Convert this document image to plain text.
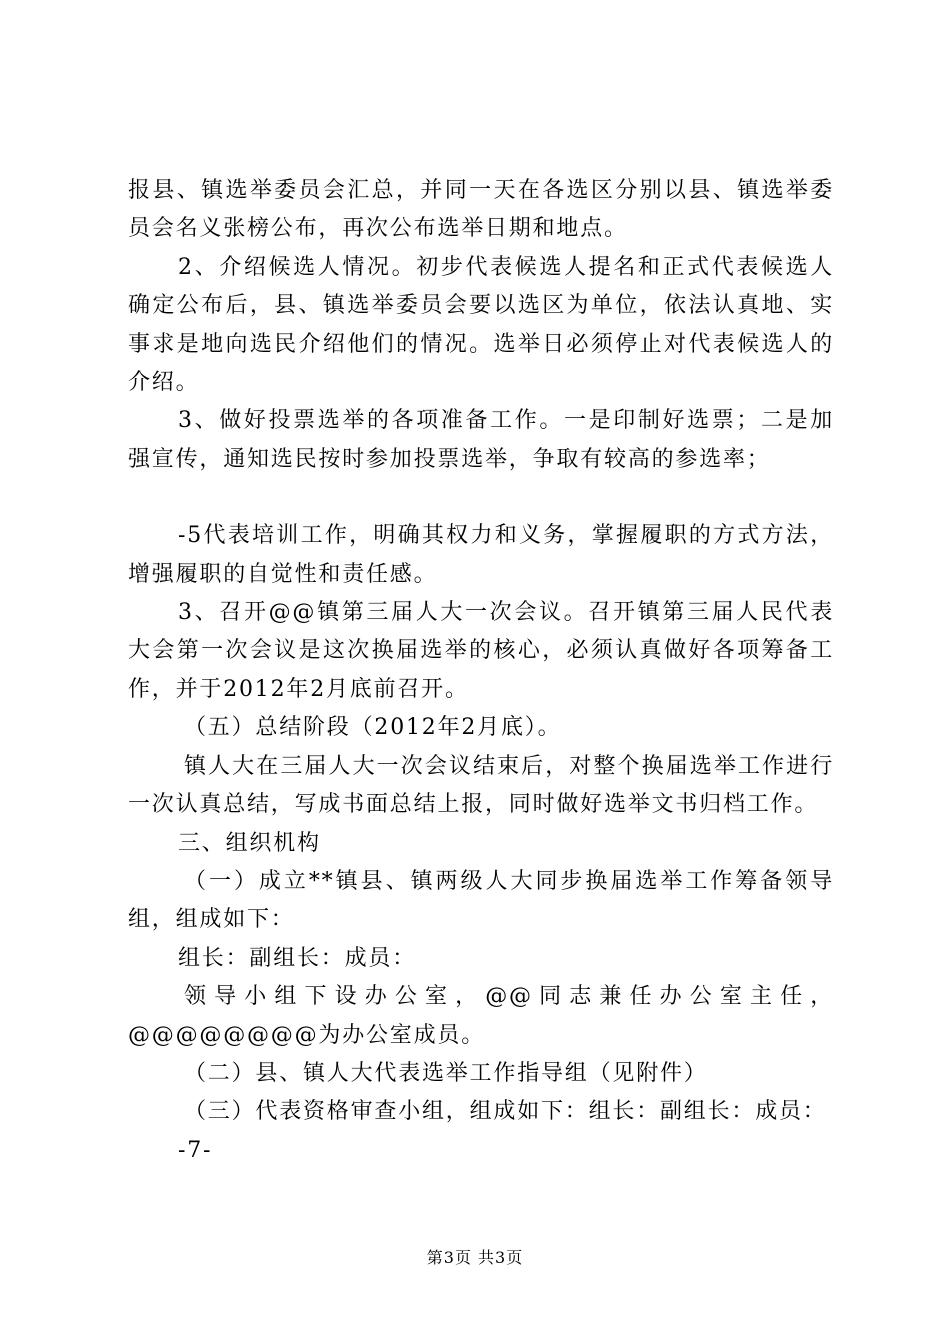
报县、镇选举委员会汇总，并同一天在各选区分别以县、镇选举委员会名义张榜公布，再次公布选举日期和地点。

2、介绍候选人情况。初步代表候选人提名和正式代表候选人确定公布后，县、镇选举委员会要以选区为单位，依法认真地、实事求是地向选民介绍他们的情况。选举日必须停止对代表候选人的介绍。

3、做好投票选举的各项准备工作。一是印制好选票；二是加强宣传，通知选民按时参加投票选举，争取有较高的参选率；

-5代表培训工作，明确其权力和义务，掌握履职的方式方法，增强履职的自觉性和责任感。

3、召开@@镇第三届人大一次会议。召开镇第三届人民代表大会第一次会议是这次换届选举的核心，必须认真做好各项筹备工作，并于2012年2月底前召开。

（五）总结阶段（2012年2月底）。

镇人大在三届人大一次会议结束后，对整个换届选举工作进行一次认真总结，写成书面总结上报，同时做好选举文书归档工作。

三、组织机构

（一）成立**镇县、镇两级人大同步换届选举工作筹备领导组，组成如下：

组长：副组长：成员：

领导小组下设办公室，@@同志兼任办公室主任，@@@@@@@@为办公室成员。

（二）县、镇人大代表选举工作指导组（见附件）

（三）代表资格审查小组，组成如下：组长：副组长：成员：

-7-

第3页 共3页
